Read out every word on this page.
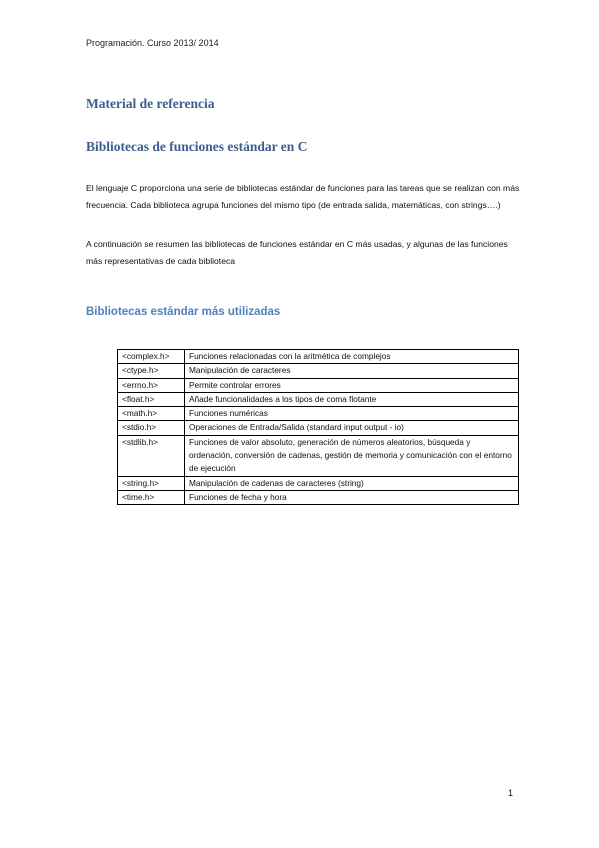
Programación. Curso 2013/ 2014
Material de referencia
Bibliotecas de funciones estándar en C

El lenguaje C proporciona una serie de bibliotecas estándar de funciones para las tareas que se realizan con más frecuencia. Cada biblioteca agrupa funciones del mismo tipo (de entrada salida, matemáticas, con strings….)

A continuación se resumen las bibliotecas de funciones estándar en C más usadas, y algunas de las funciones más representativas de cada biblioteca

Bibliotecas estándar más utilizadas
<complex.h>	Funciones relacionadas con la aritmética de complejos
<ctype.h>	Manipulación de caracteres
<errno.h>	Permite controlar errores
<float.h>	Añade funcionalidades a los tipos de coma flotante
<math.h>	Funciones numéricas
<stdio.h>	Operaciones de Entrada/Salida (standard input output - io)
<stdlib.h>	Funciones de valor absoluto, generación de números aleatorios, búsqueda y ordenación, conversión de cadenas, gestión de memoria y comunicación con el entorno de ejecución
<string.h>	Manipulación de cadenas de caracteres (string)
<time.h>	Funciones de fecha y hora
1
